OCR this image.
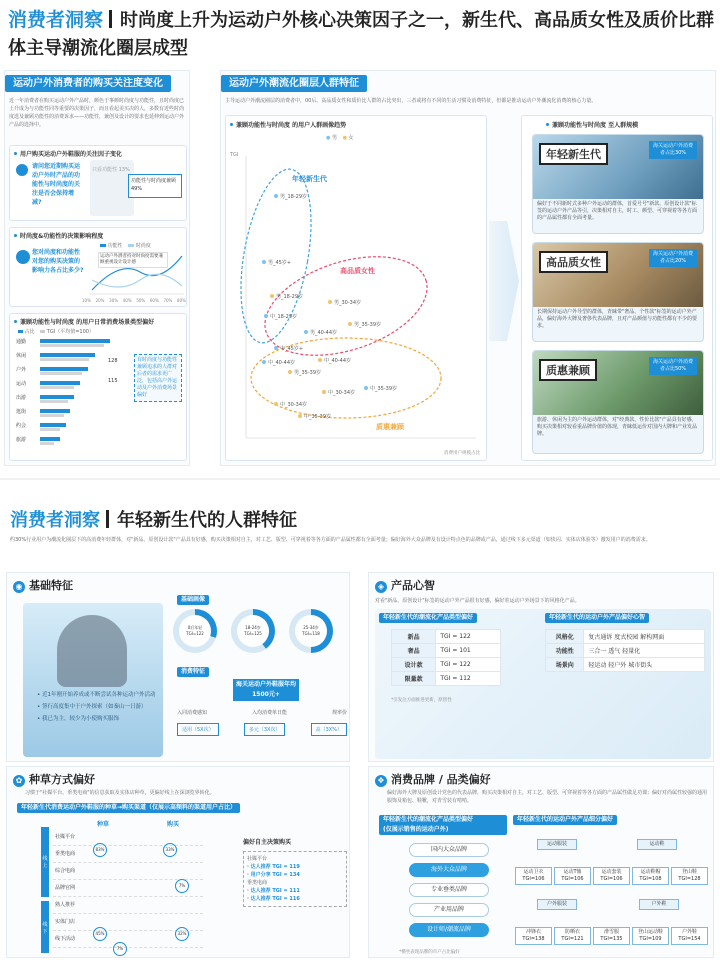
消费者洞察 时尚度上升为运动户外核心决策因子之一，新生代、高品质女性及质价比群体主导潮流化圈层成型
运动户外消费者的购买关注度变化
近一年消费者在购买运动户外产品时，颜色于事颜时尚度与功能性，且时尚度已上升成为与功能性同等重要的决策因子，而且看起美买决的人，多数有近些时尚度选及兼顾功能性的消费诉求——功能性，兼创及设计的要求也延伸到运动户外产品的选择中。
用户购买运动户外鞋服的关注因子变化
请问您近期购买运动户外时产品的功能性与时尚度的关注是否会保持增减?
功能性与时尚度兼顾 49%
只看功能性 13%
时尚度&功能性的决策影响程度
您对尚度和功能性对您的购买决策的影响力各占比多少?
功能性	时尚度
运动户外潜者持对时尚度需要兼顾重视设计设计感
10% 20% 30% 40% 50% 60% 70% 80%
兼顾功能性与时尚度 的用户日常消费场景类型偏好
占比 TGI（平均值=100）
通勤
休闲
户外
运动
出游
逛街
约会
旅游
128
115
有时尚度与功能性兼顾追求的人群对后者的需求更广泛，包括高户外运动及户外消费场景偏好
运动户外潮流化圈层人群特征
主导运动户外潮流圈层的消费者中，00后、高品质女性和质价比人群的占比突出，三者或将有不同的生活习惯及消费特征，但都是推动运动户外潮流化消费的核心力量。
兼顾功能性与时尚度 的用户人群画像趋势
● 男 ● 女
TGI
男_18-29岁
男_45岁+
男_18-29岁
中_18-29岁
男_30-34岁
男_35-39岁
男_40-44岁
中_40-44岁
男_35-39岁
中_45岁+
中_40-44岁
中_30-34岁
中_35-39岁
中_30-34岁
中_35-39岁
年轻新生代
高品质女性
质惠兼顾
消费用户规模占比
兼顾功能性与时尚度 至人群规模
年轻新生代
海关运动户外消费者占比30%
偏好于不同新时式多种户外运动的群体，首爱号号"新款、原创设计款"标签的运动户外产品等引，决策相对自主，时工、颜型、可穿视着等各方面的产品属性都有全面考量。
高品质女性
海关运动户外消费者占比20%
长期保持运动户外导型的群体，青睐带"奢品、个性款"标签的运动户外产品，偏好海外大牌及奢侈代表品牌，且对产品颜值与功能性都有不少的要求。
质惠兼顾
海关运动户外消费者占比50%
旅游、休闲为主的户外运动群体，对"经典款、性价比款"产品具有好感，购买决策相对较看重品牌价值的体现，青睐低运价对国内大牌和产业发品牌。
消费者洞察 年轻新生代的人群特征
约30%行业用户为潮流化圈层下的高消费年轻群体，对"新品、原创设计款"产品具有好感，购买决策相对自主，对工艺、版型、可穿视着等各方面的产品属性都有全面考量；偏好海外大众品牌及有设计特点色的品牌或产品，通过线下多元渠道（如快闪、实体店体验等）激发用户的消费需求。
◉ 基础特征
• 近1年刚开始养成或不断尝试各种运动户外活动
• 签行高度集中于户外探索（如秦山一日游）
• 我已为主，较少为小使购买服饰
基础画像
0后年轻TGI=122
18-24岁TGI=125
25-34岁TGI=118
消费特征
海关运动户外鞋服年均1500元+
入同消费感知	入均消费单日能	规率价
适用（5X次）	多元（3X次）	高（3X%）
◈ 产品心智
对看"新品、原创设计"标签的运动户外产品很有好感，偏好驻运动户外场景下的风格化产品。
年轻新生代的潮流化产品类型偏好
新品	TGI = 122
奢品	TGI = 101
设计款	TGI = 122
限量款	TGI = 112
*引发注方面推进更新，原创性
年轻新生代的运动户外产品偏好心智
风格化	复古通诉 度式校园 解构网面
功能性	三合一 透气 轻量化
场景向	轻运动 轻户外 城市街头
✿ 种草方式偏好
习惯于"社媒平台、垂类电商"的信息获取及实体店种草，更偏好线上在深浏览界转化。
年轻新生代消费运动户外鞋服的种草→购买渠道（仅展示高频料的渠道用户占比）
线上
线下
种草	购买
社媒平台
垂类电商
综合电商
品牌官网
熟人推荐
实体门店
线下活动
83%	33%
7%
45%	32%
7%
偏好自主决策购买
社媒平台
· 达人推荐 TGI = 119
· 用户分享 TGI = 134
垂类电商
· 达人推荐 TGI = 111
· 达人推荐 TGI = 116
❖ 消费品牌 / 品类偏好
偏好海外大牌及原创设计党色的代表品牌，购买决策相对自主，对工艺、版型、可穿视着等各方面的产品属性做足功课；偏好对尚属性较强的通用服饰及箱包、鞋靴，对青雪装有啃啃。
年轻新生代的潮流化产品类型偏好
(仅展示销售的运动户外)
国内大众品牌
海外大众品牌
专业垂类品牌
产业用品牌
设计师/潮流品牌
*横坐表现品牌的市户占比偏好
年轻新生代的运动户外产品细分偏好
运动服装	运动鞋
户外服装	户外鞋
运动卫衣 TGI=106
运动T恤 TGI=106
运动套装 TGI=106
运动鞋帽 TGI=108
登山鞋 TGI=128
冲锋衣 TGI=138
防晒衣 TGI=121
滑雪服 TGI=135
登山运动鞋 TGI=109
户外鞋 TGI=154
